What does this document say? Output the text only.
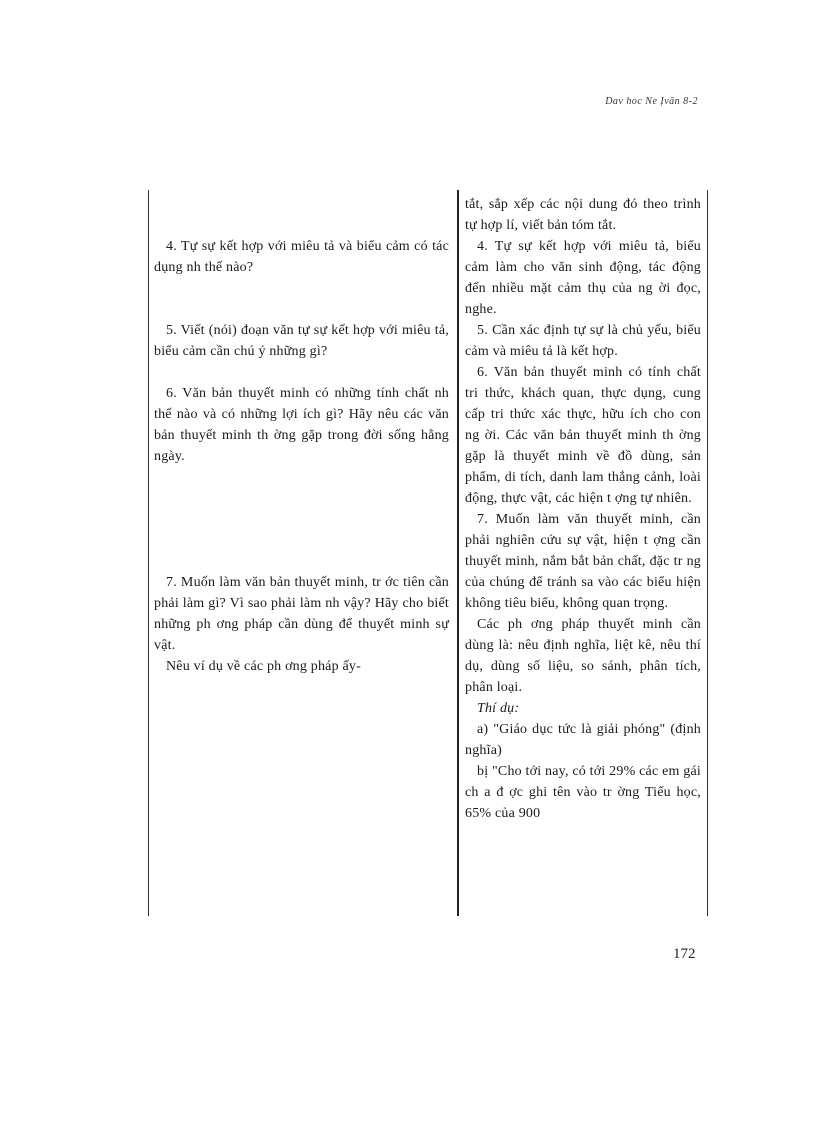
Dav hoc Ne Ịvăn 8-2

4. Tự sự kết hợp với miêu tả và biểu cảm có tác dụng nh thế nào?

5. Viết (nói) đoạn văn tự sự kết hợp với miêu tả, biểu cảm cần chú ý những gì?

6. Văn bản thuyết minh có những tính chất nh thế nào và có những lợi ích gì? Hãy nêu các văn bản thuyết minh th ờng gặp trong đời sống hằng ngày.

7. Muốn làm văn bản thuyết minh, tr ớc tiên cần phải làm gì? Vì sao phải làm nh vậy? Hãy cho biết những ph ơng pháp cần dùng để thuyết minh sự vật.

Nêu ví dụ về các ph ơng pháp ấy-

tắt, sắp xếp các nội dung đó theo trình tự hợp lí, viết bản tóm tắt.

4. Tự sự kết hợp với miêu tả, biểu cảm làm cho văn sinh động, tác động đến nhiều mặt cảm thụ của ng ời đọc, nghe.

5. Cần xác định tự sự là chủ yếu, biểu cảm và miêu tả là kết hợp.

6. Văn bản thuyết minh có tính chất tri thức, khách quan, thực dụng, cung cấp tri thức xác thực, hữu ích cho con ng ời. Các văn bản thuyết minh th ờng gặp là thuyết minh về đồ dùng, sản phẩm, di tích, danh lam thắng cảnh, loài động, thực vật, các hiện t ợng tự nhiên.

7. Muốn làm văn thuyết minh, cần phải nghiên cứu sự vật, hiện t ợng cần thuyết minh, nắm bắt bản chất, đặc tr ng của chúng để tránh sa vào các biểu hiện không tiêu biểu, không quan trọng.

Các ph ơng pháp thuyết minh cần dùng là: nêu định nghĩa, liệt kê, nêu thí dụ, dùng số liệu, so sánh, phân tích, phân loại.

Thí dụ:

a) "Giáo dục tức là giải phóng" (định nghĩa)

bị "Cho tới nay, có tới 29% các em gái ch a đ ợc ghi tên vào tr ờng Tiểu học, 65% của 900

172
